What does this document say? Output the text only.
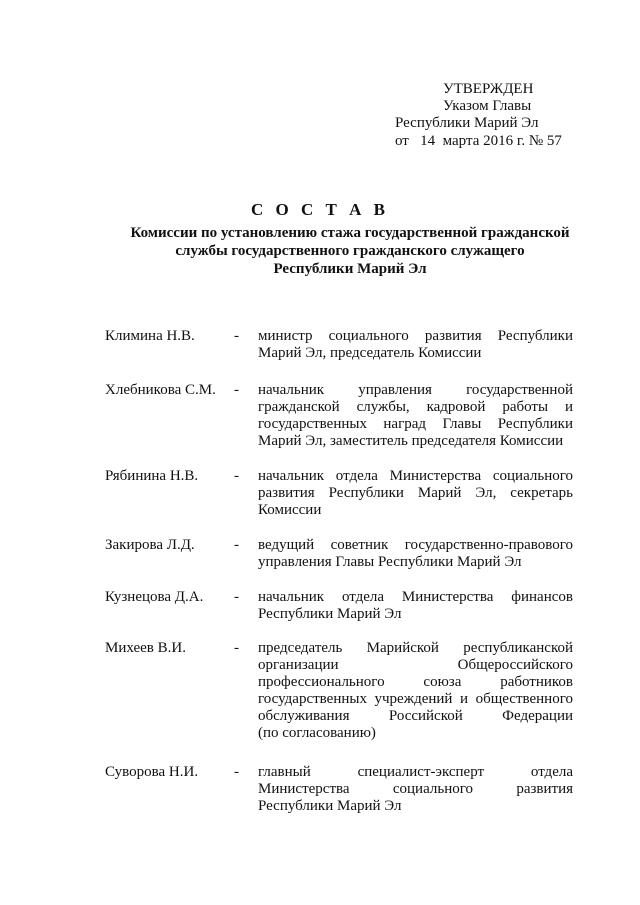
УТВЕРЖДЕН
Указом Главы
Республики Марий Эл
от   14  марта 2016 г. № 57
С О С Т А В
Комиссии по установлению стажа государственной гражданской
службы государственного гражданского служащего
Республики Марий Эл
Климина Н.В.	- министр социального развития Республики
Марий Эл, председатель Комиссии
Хлебникова С.М. - начальник управления государственной
гражданской службы, кадровой работы и
государственных наград Главы Республики
Марий Эл, заместитель председателя Комиссии
Рябинина Н.В. - начальник отдела Министерства социального
развития Республики Марий Эл, секретарь
Комиссии
Закирова Л.Д.	- ведущий советник государственно-правового
управления Главы Республики Марий Эл
Кузнецова Д.А. - начальник отдела Министерства финансов
Республики Марий Эл
Михеев В.И.	- председатель Марийской республиканской
организации Общероссийского
профессионального союза работников
государственных учреждений и общественного
обслуживания Российской Федерации
(по согласованию)
Суворова Н.И. - главный специалист-эксперт отдела
Министерства социального развития
Республики Марий Эл
